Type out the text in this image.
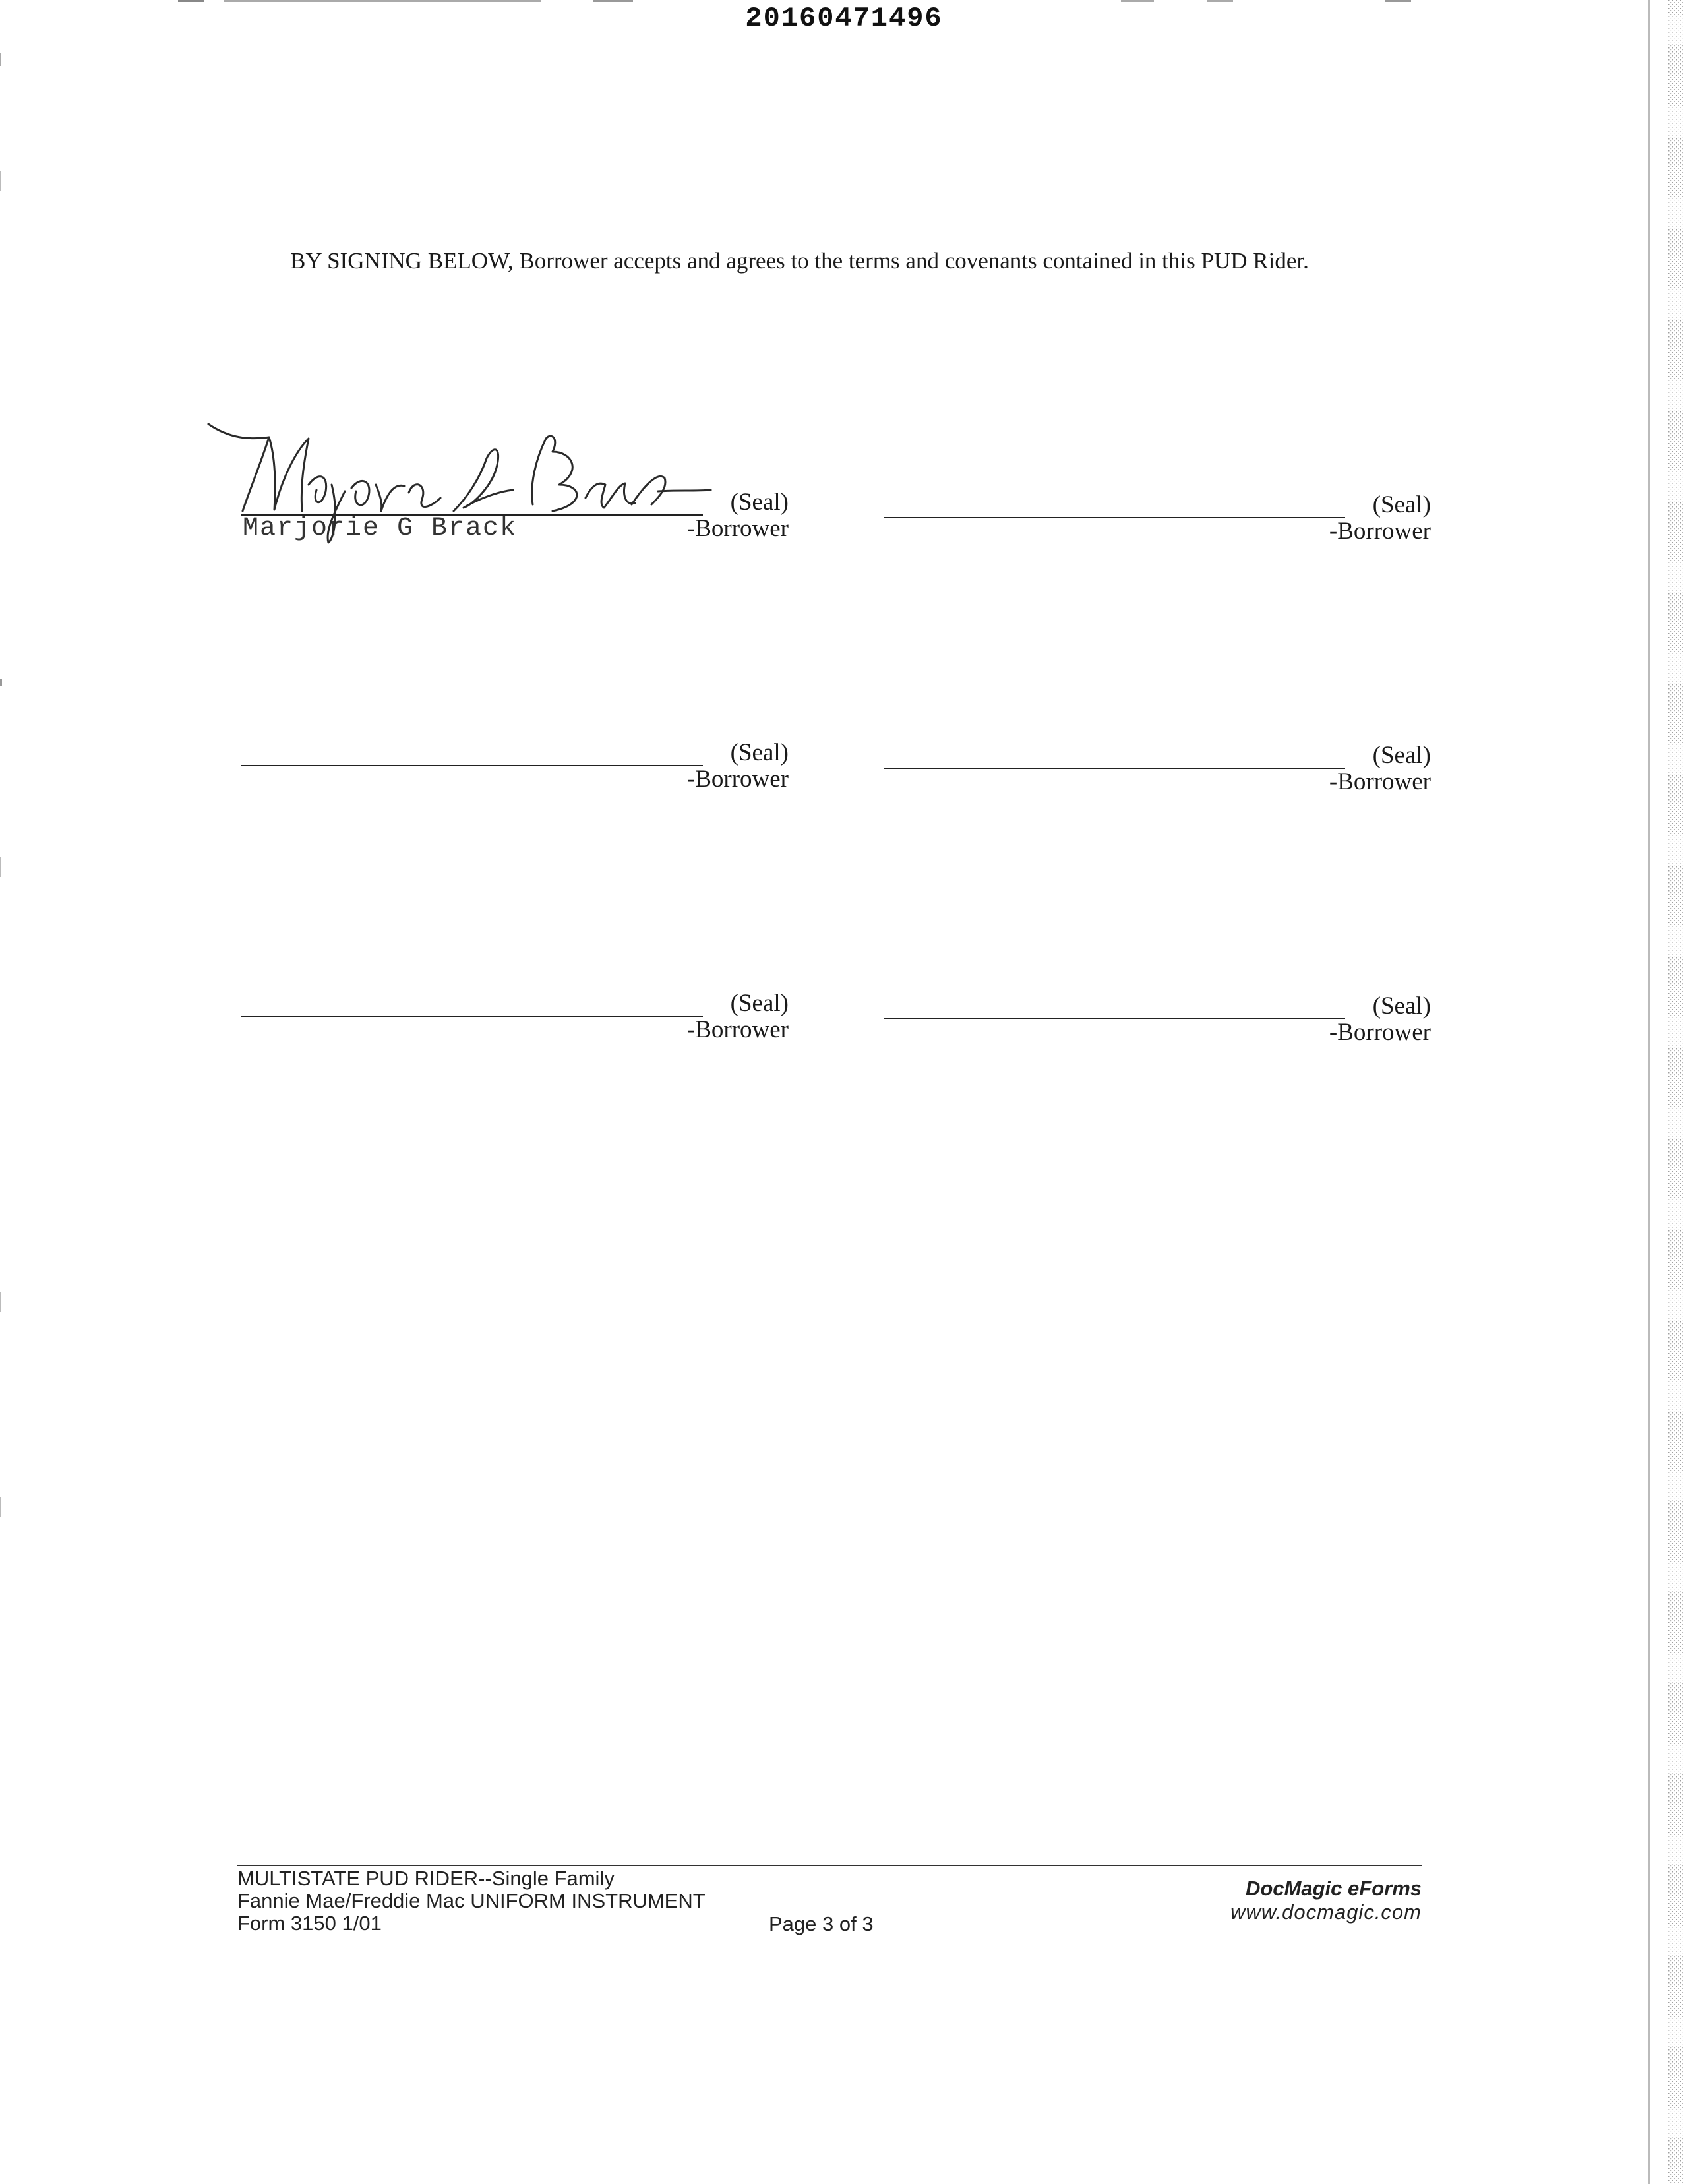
20160471496

BY SIGNING BELOW, Borrower accepts and agrees to the terms and covenants contained in this PUD Rider.

(Seal)
Marjorie G Brack	-Borrower
(Seal)
-Borrower
(Seal)
-Borrower
(Seal)
-Borrower
(Seal)
-Borrower
(Seal)
-Borrower
MULTISTATE PUD RIDER--Single Family
Fannie Mae/Freddie Mac UNIFORM INSTRUMENT
Form 3150 1/01	Page 3 of 3
DocMagic eForms
www.docmagic.com
